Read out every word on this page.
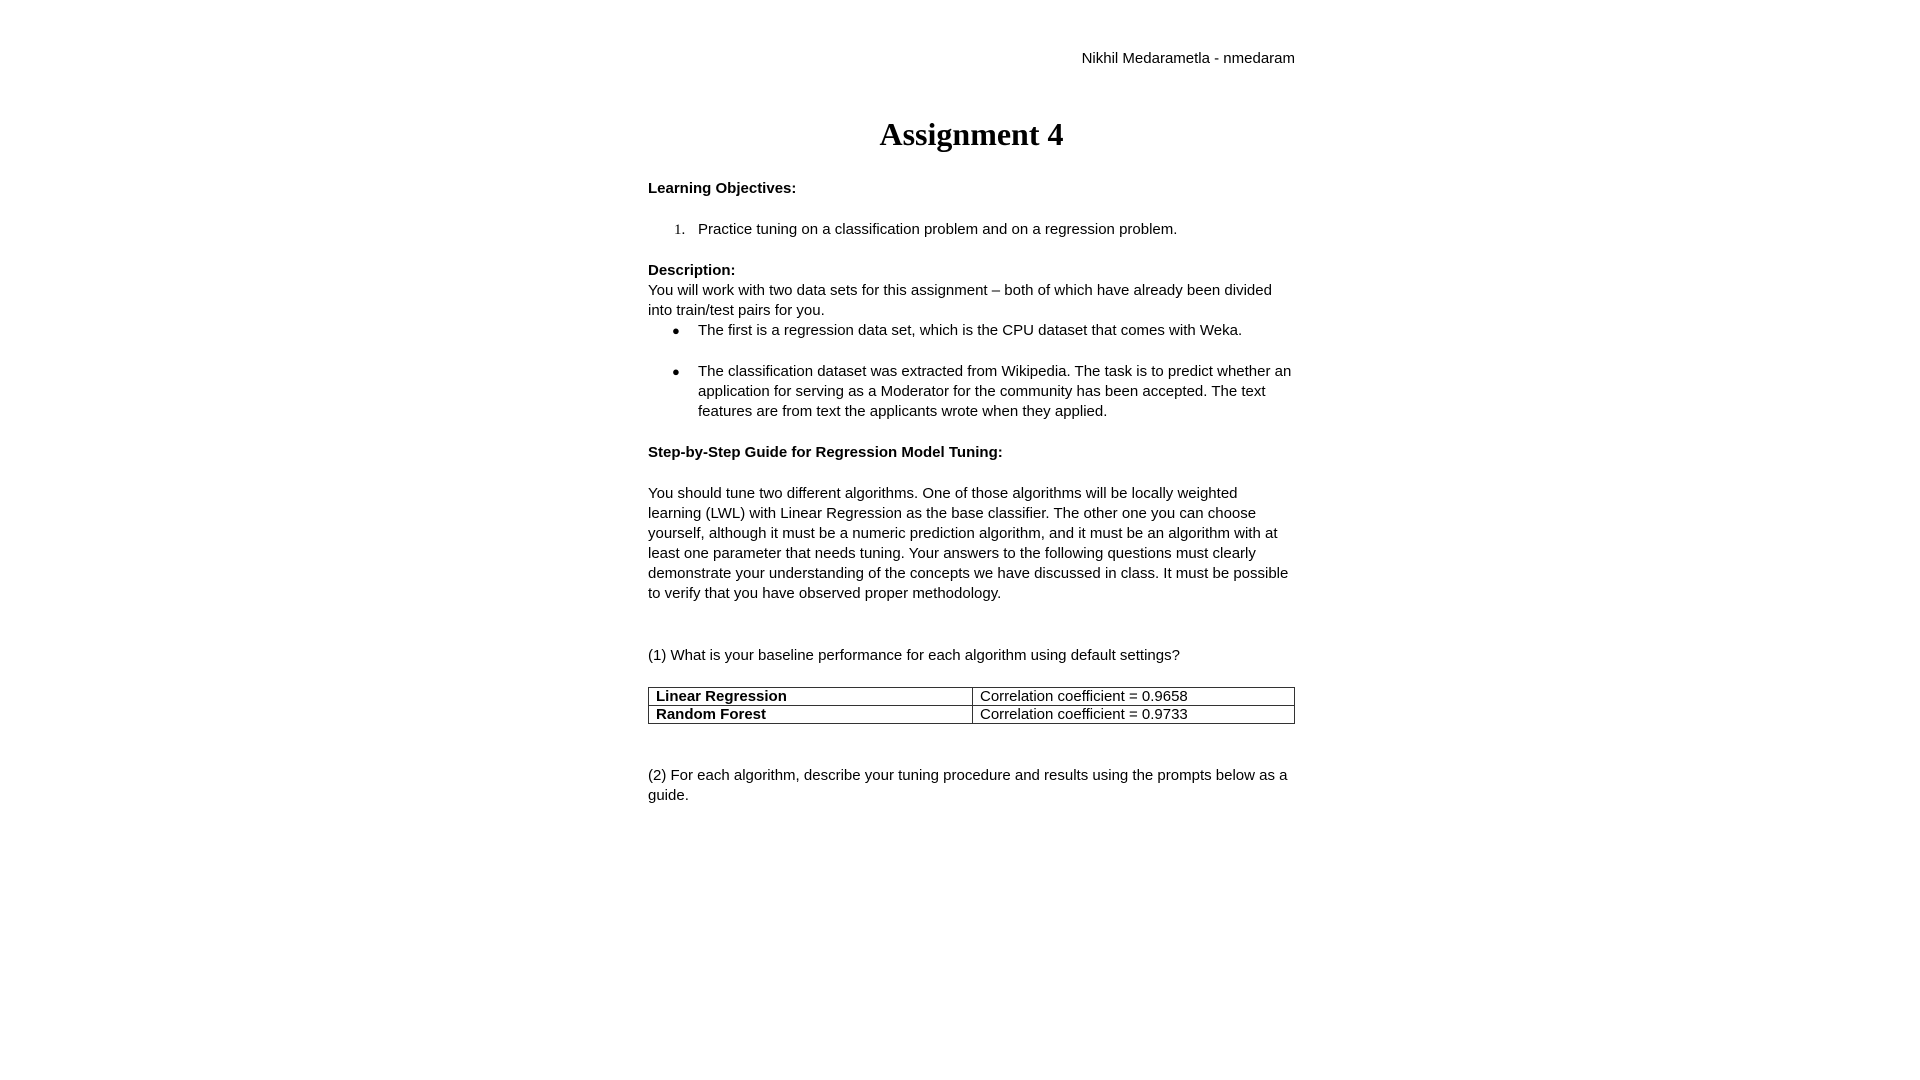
Nikhil Medarametla - nmedaram
Assignment 4

Learning Objectives:

1. Practice tuning on a classification problem and on a regression problem.

Description:

You will work with two data sets for this assignment – both of which have already been divided into train/test pairs for you.

● The first is a regression data set, which is the CPU dataset that comes with Weka.
● The classification dataset was extracted from Wikipedia. The task is to predict whether an application for serving as a Moderator for the community has been accepted. The text features are from text the applicants wrote when they applied.

Step-by-Step Guide for Regression Model Tuning:

You should tune two different algorithms. One of those algorithms will be locally weighted learning (LWL) with Linear Regression as the base classifier. The other one you can choose yourself, although it must be a numeric prediction algorithm, and it must be an algorithm with at least one parameter that needs tuning. Your answers to the following questions must clearly demonstrate your understanding of the concepts we have discussed in class. It must be possible to verify that you have observed proper methodology.

(1) What is your baseline performance for each algorithm using default settings?

Linear Regression	Correlation coefficient = 0.9658
Random Forest	Correlation coefficient = 0.9733

(2) For each algorithm, describe your tuning procedure and results using the prompts below as a guide.
